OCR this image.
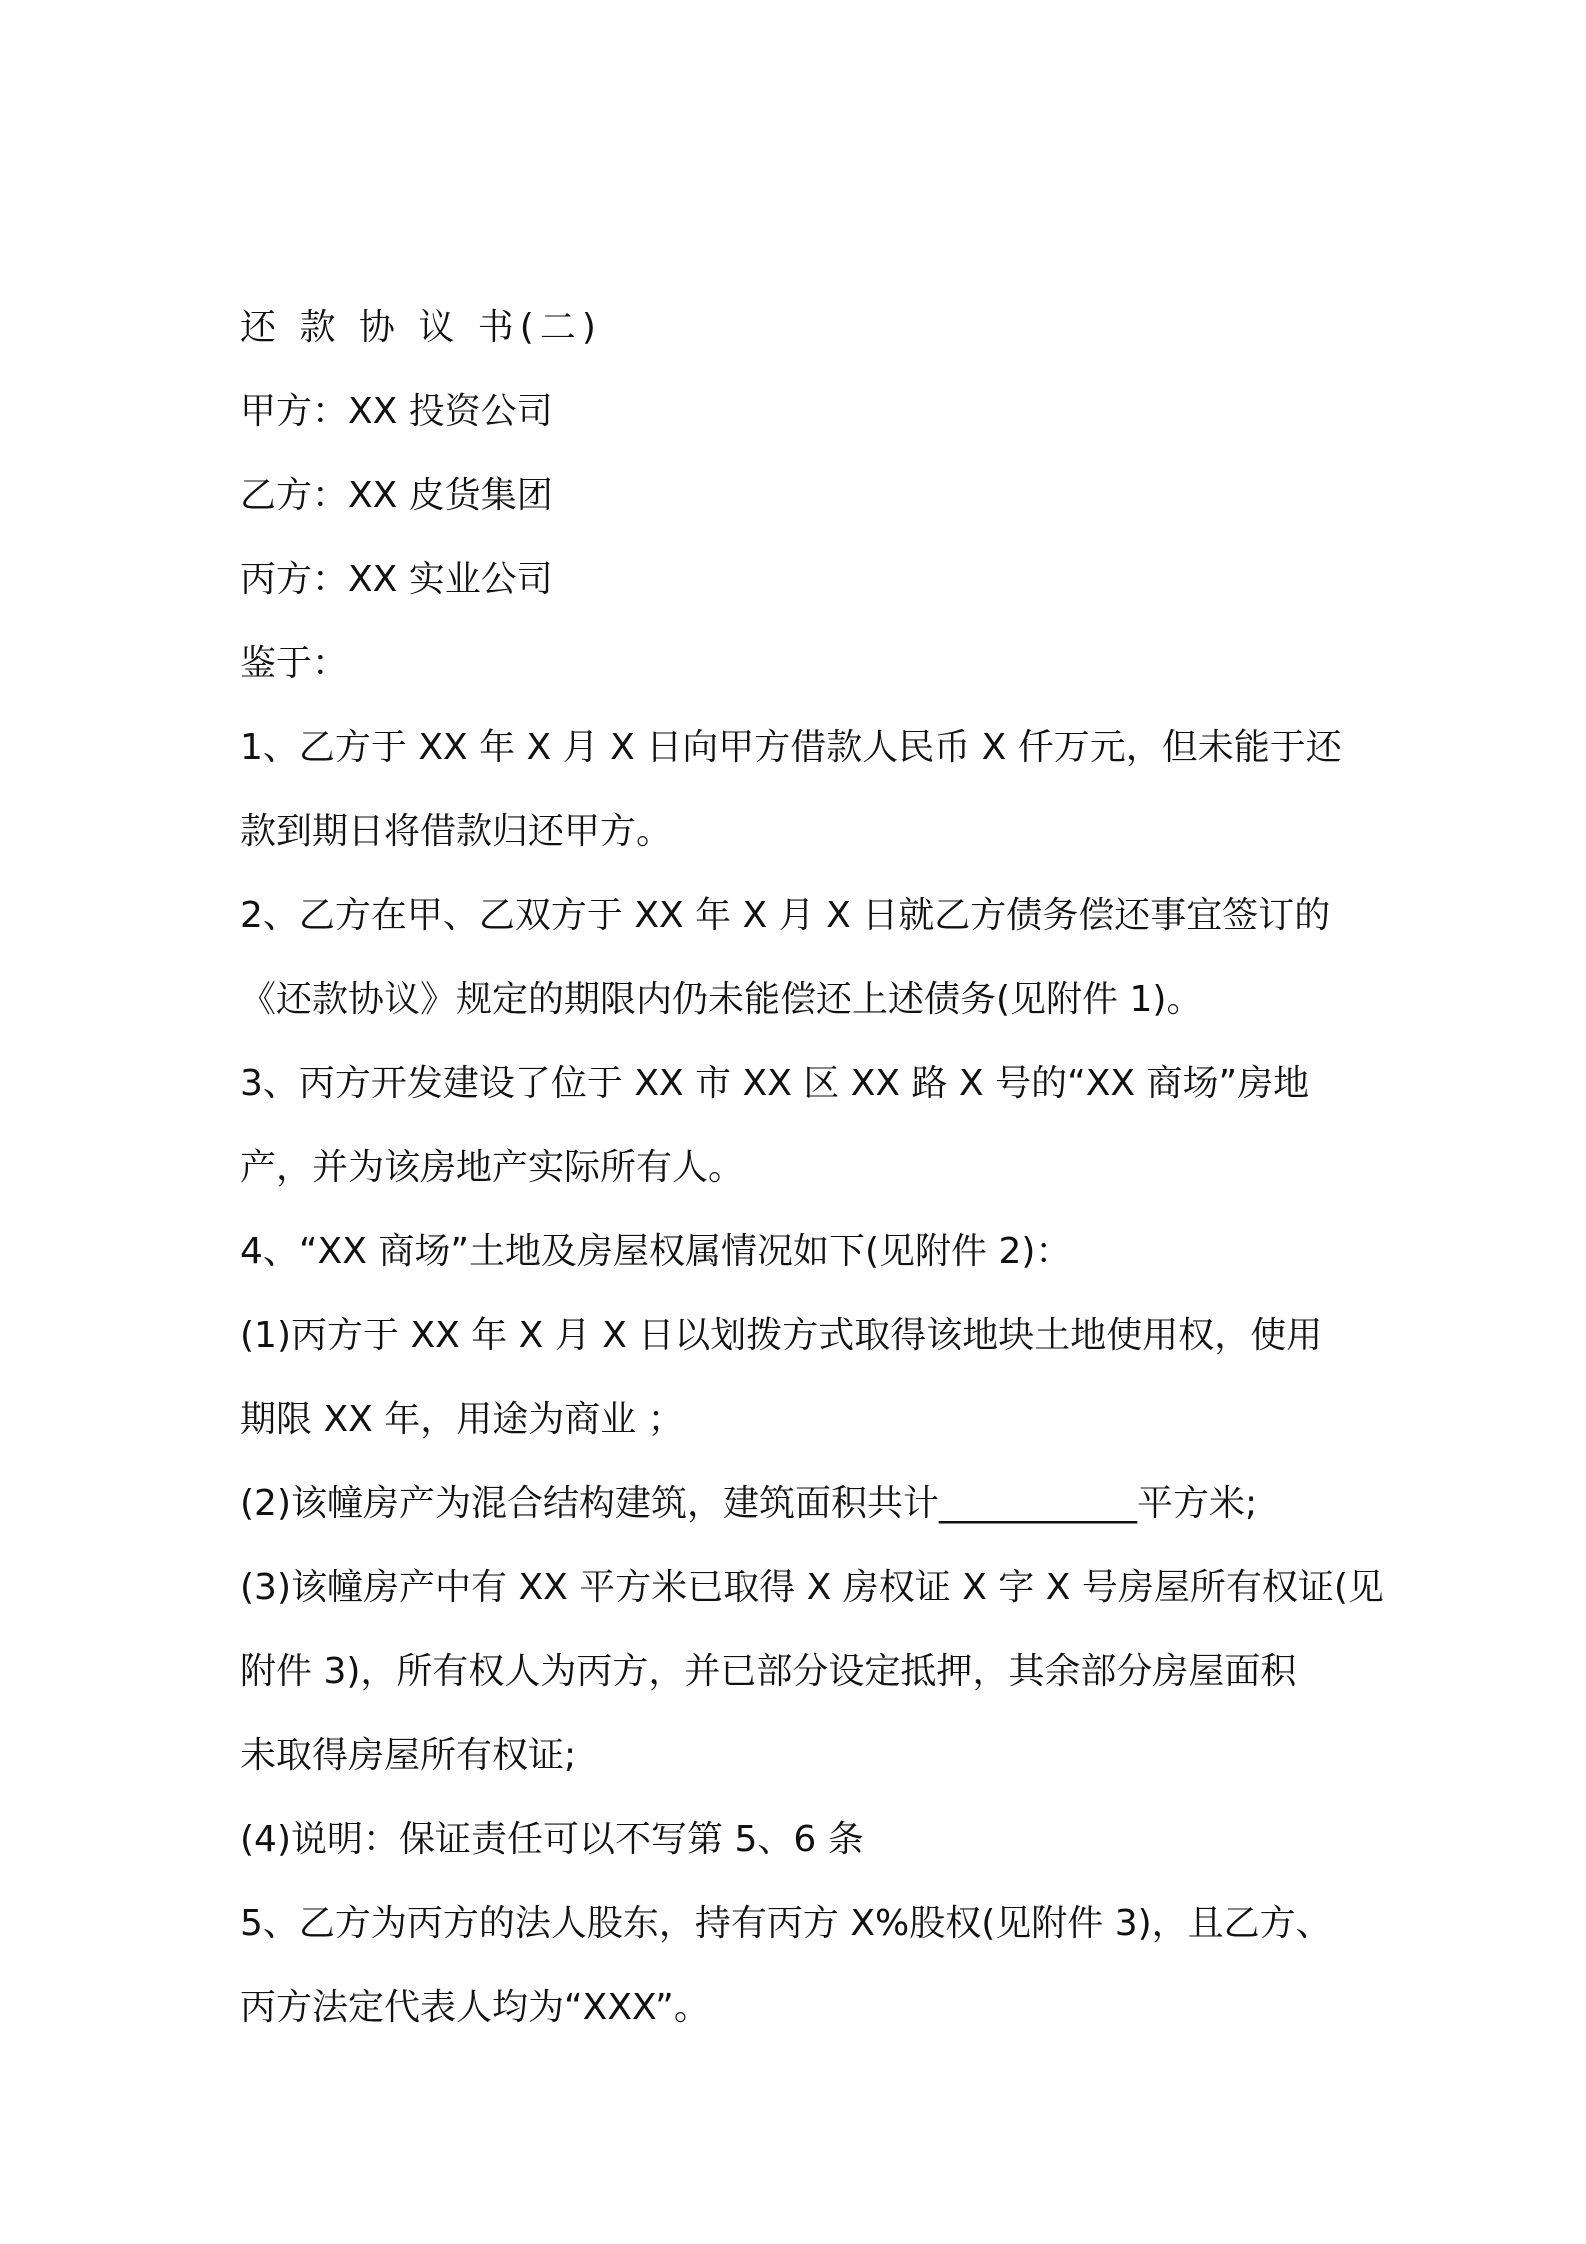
还 款 协 议 书(二)
甲方：XX 投资公司
乙方：XX 皮货集团
丙方：XX 实业公司
鉴于：
1、乙方于 XX 年 X 月 X 日向甲方借款人民币 X 仟万元，但未能于还
款到期日将借款归还甲方。
2、乙方在甲、乙双方于 XX 年 X 月 X 日就乙方债务偿还事宜签订的
《还款协议》规定的期限内仍未能偿还上述债务(见附件 1)。
3、丙方开发建设了位于 XX 市 XX 区 XX 路 X 号的“XX 商场”房地
产，并为该房地产实际所有人。
4、“XX 商场”土地及房屋权属情况如下(见附件 2)：
(1)丙方于 XX 年 X 月 X 日以划拨方式取得该地块土地使用权，使用
期限 XX 年，用途为商业 ；
(2)该幢房产为混合结构建筑，建筑面积共计___________平方米;
(3)该幢房产中有 XX 平方米已取得 X 房权证 X 字 X 号房屋所有权证(见
附件 3)，所有权人为丙方，并已部分设定抵押，其余部分房屋面积
未取得房屋所有权证;
(4)说明：保证责任可以不写第 5、6 条
5、乙方为丙方的法人股东，持有丙方 X%股权(见附件 3)，且乙方、
丙方法定代表人均为“XXX”。
